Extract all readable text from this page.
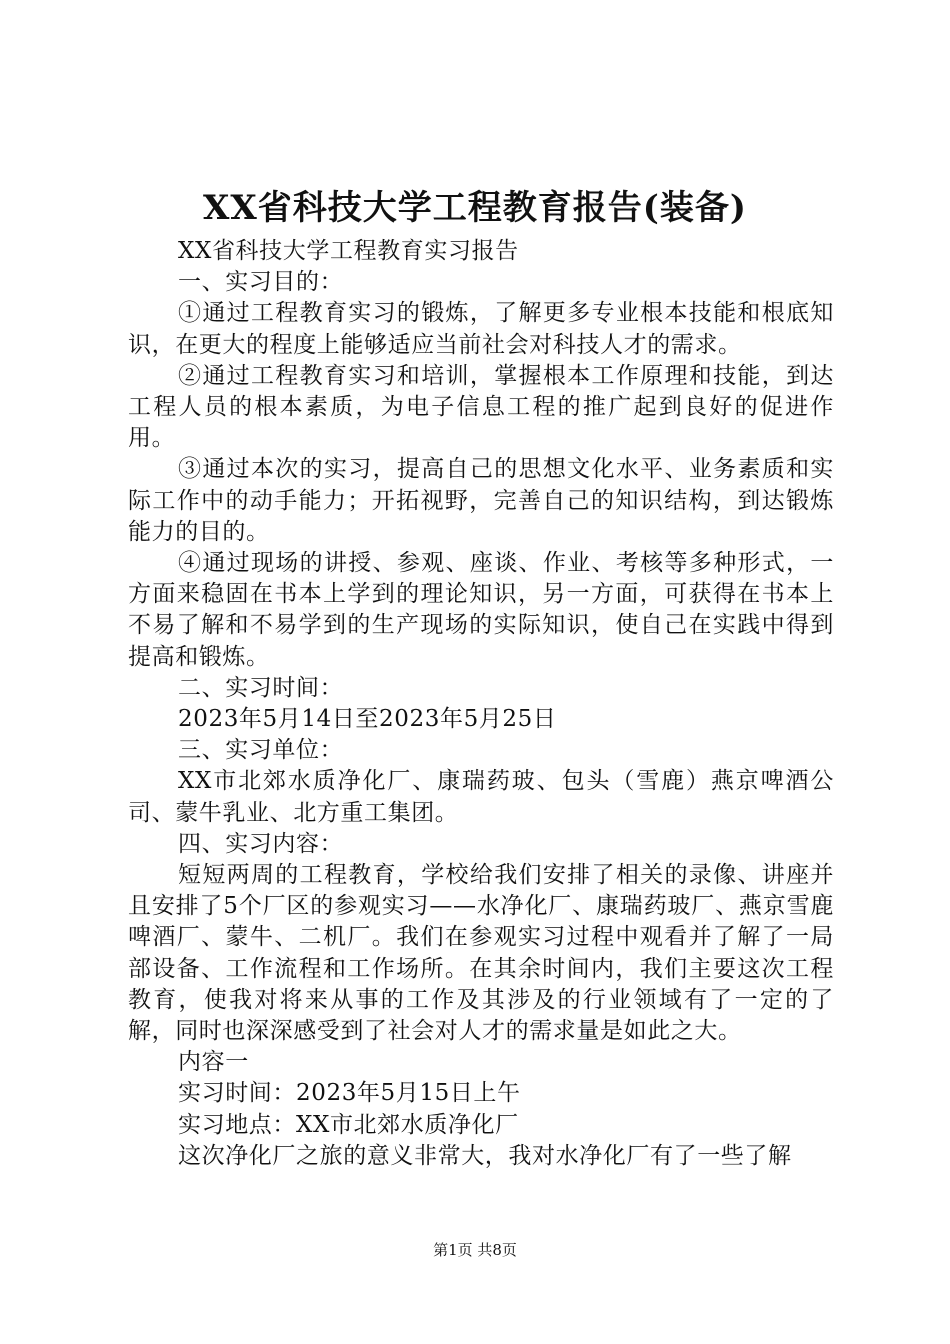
XX省科技大学工程教育报告(装备)

XX省科技大学工程教育实习报告

一、实习目的：

①通过工程教育实习的锻炼，了解更多专业根本技能和根底知识，在更大的程度上能够适应当前社会对科技人才的需求。

②通过工程教育实习和培训，掌握根本工作原理和技能，到达工程人员的根本素质，为电子信息工程的推广起到良好的促进作用。

③通过本次的实习，提高自己的思想文化水平、业务素质和实际工作中的动手能力；开拓视野，完善自己的知识结构，到达锻炼能力的目的。

④通过现场的讲授、参观、座谈、作业、考核等多种形式，一方面来稳固在书本上学到的理论知识，另一方面，可获得在书本上不易了解和不易学到的生产现场的实际知识，使自己在实践中得到提高和锻炼。

二、实习时间：

2023年5月14日至2023年5月25日

三、实习单位：

XX市北郊水质净化厂、康瑞药玻、包头（雪鹿）燕京啤酒公司、蒙牛乳业、北方重工集团。

四、实习内容：

短短两周的工程教育，学校给我们安排了相关的录像、讲座并且安排了5个厂区的参观实习——水净化厂、康瑞药玻厂、燕京雪鹿啤酒厂、蒙牛、二机厂。我们在参观实习过程中观看并了解了一局部设备、工作流程和工作场所。在其余时间内，我们主要这次工程教育，使我对将来从事的工作及其涉及的行业领域有了一定的了解，同时也深深感受到了社会对人才的需求量是如此之大。

内容一

实习时间：2023年5月15日上午

实习地点：XX市北郊水质净化厂

这次净化厂之旅的意义非常大，我对水净化厂有了一些了解

第1页 共8页
